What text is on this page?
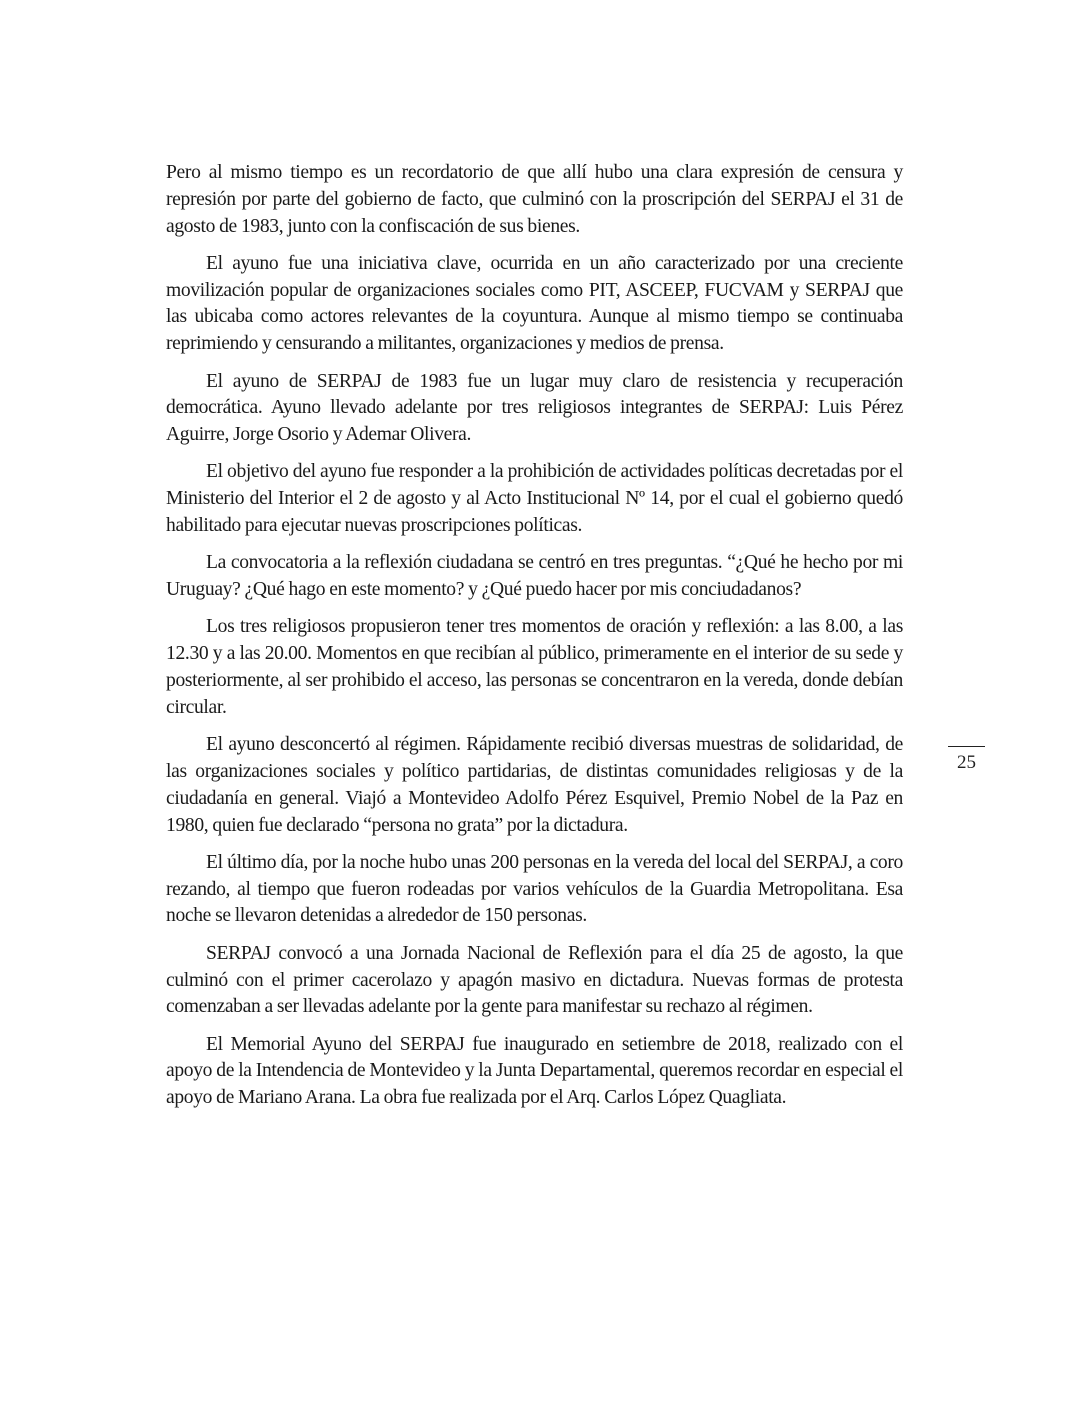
Pero al mismo tiempo es un recordatorio de que allí hubo una clara expresión de censura y represión por parte del gobierno de facto, que culminó con la proscripción del SERPAJ el 31 de agosto de 1983, junto con la confiscación de sus bienes.

El ayuno fue una iniciativa clave, ocurrida en un año caracterizado por una creciente movilización popular de organizaciones sociales como PIT, ASCEEP, FUCVAM y SERPAJ que las ubicaba como actores relevantes de la coyuntura. Aunque al mismo tiempo se continuaba reprimiendo y censurando a militantes, organizaciones y medios de prensa.

El ayuno de SERPAJ de 1983 fue un lugar muy claro de resistencia y recuperación democrática. Ayuno llevado adelante por tres religiosos integrantes de SERPAJ: Luis Pérez Aguirre, Jorge Osorio y Ademar Olivera.

El objetivo del ayuno fue responder a la prohibición de actividades políticas decretadas por el Ministerio del Interior el 2 de agosto y al Acto Institucional Nº 14, por el cual el gobierno quedó habilitado para ejecutar nuevas proscripciones políticas.

La convocatoria a la reflexión ciudadana se centró en tres preguntas. “¿Qué he hecho por mi Uruguay? ¿Qué hago en este momento? y ¿Qué puedo hacer por mis conciudadanos?

Los tres religiosos propusieron tener tres momentos de oración y reflexión: a las 8.00, a las 12.30 y a las 20.00. Momentos en que recibían al público, primeramente en el interior de su sede y posteriormente, al ser prohibido el acceso, las personas se concentraron en la vereda, donde debían circular.

El ayuno desconcertó al régimen. Rápidamente recibió diversas muestras de solidaridad, de las organizaciones sociales y político partidarias, de distintas comunidades religiosas y de la ciudadanía en general. Viajó a Montevideo Adolfo Pérez Esquivel, Premio Nobel de la Paz en 1980, quien fue declarado “persona no grata” por la dictadura.

El último día, por la noche hubo unas 200 personas en la vereda del local del SERPAJ, a coro rezando, al tiempo que fueron rodeadas por varios vehículos de la Guardia Metropolitana. Esa noche se llevaron detenidas a alrededor de 150 personas.

SERPAJ convocó a una Jornada Nacional de Reflexión para el día 25 de agosto, la que culminó con el primer cacerolazo y apagón masivo en dictadura. Nuevas formas de protesta comenzaban a ser llevadas adelante por la gente para manifestar su rechazo al régimen.

El Memorial Ayuno del SERPAJ fue inaugurado en setiembre de 2018, realizado con el apoyo de la Intendencia de Montevideo y la Junta Departamental, queremos recordar en especial el apoyo de Mariano Arana. La obra fue realizada por el Arq. Carlos López Quagliata.

25
